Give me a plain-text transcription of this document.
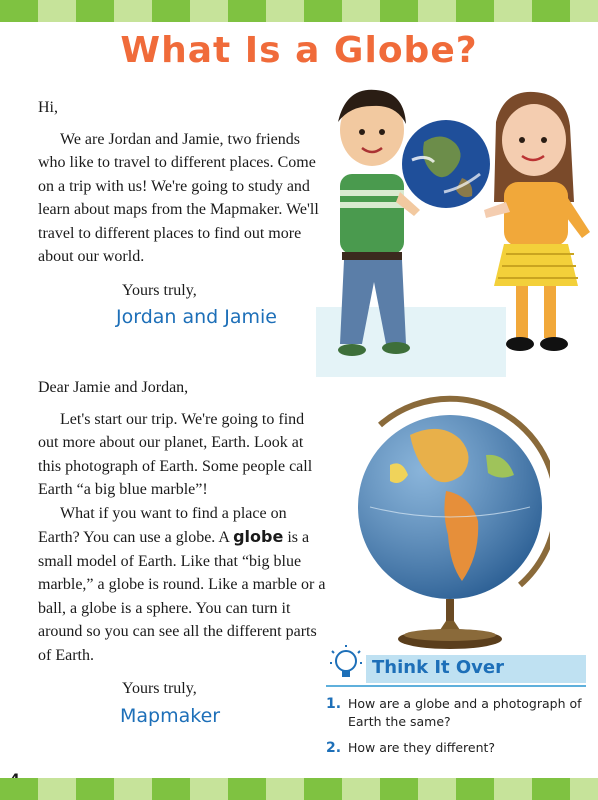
What Is a Globe?

Hi,

We are Jordan and Jamie, two friends who like to travel to different places. Come on a trip with us! We're going to study and learn about maps from the Mapmaker. We'll travel to different places to find out more about our world.

Yours truly,

Jordan and Jamie

Dear Jamie and Jordan,

Let's start our trip. We're going to find out more about our planet, Earth. Look at this photograph of Earth. Some people call Earth “a big blue marble”!

What if you want to find a place on Earth? You can use a globe. A globe is a small model of Earth. Like that “big blue marble,” a globe is round. Like a marble or a ball, a globe is a sphere. You can turn it around so you can see all the different parts of Earth.

Yours truly,

Mapmaker

Think It Over
1. How are a globe and a photograph of Earth the same?
2. How are they different?
